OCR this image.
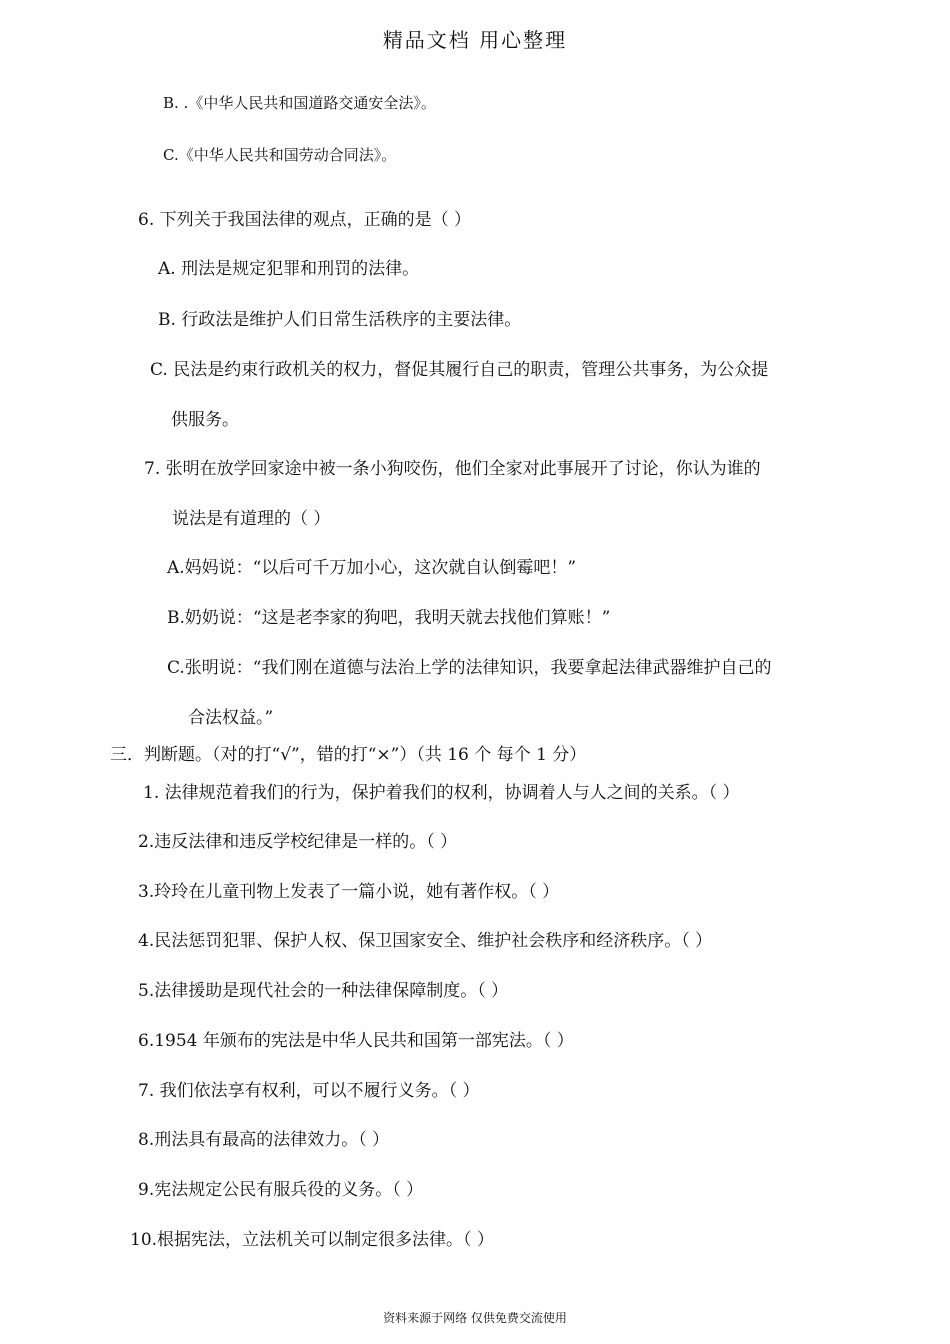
精品文档 用心整理
B. .《中华人民共和国道路交通安全法》。
C.《中华人民共和国劳动合同法》。
6. 下列关于我国法律的观点，正确的是（ ）
A. 刑法是规定犯罪和刑罚的法律。
B. 行政法是维护人们日常生活秩序的主要法律。
C. 民法是约束行政机关的权力，督促其履行自己的职责，管理公共事务，为公众提
供服务。
7. 张明在放学回家途中被一条小狗咬伤，他们全家对此事展开了讨论，你认为谁的
说法是有道理的（ ）
A.妈妈说：“以后可千万加小心，这次就自认倒霉吧！”
B.奶奶说：“这是老李家的狗吧，我明天就去找他们算账！”
C.张明说：“我们刚在道德与法治上学的法律知识，我要拿起法律武器维护自己的
合法权益。”
三．判断题。（对的打“√”，错的打“×”）（共 16 个 每个 1 分）
1. 法律规范着我们的行为，保护着我们的权利，协调着人与人之间的关系。（ ）
2.违反法律和违反学校纪律是一样的。（ ）
3.玲玲在儿童刊物上发表了一篇小说，她有著作权。（ ）
4.民法惩罚犯罪、保护人权、保卫国家安全、维护社会秩序和经济秩序。（ ）
5.法律援助是现代社会的一种法律保障制度。（ ）
6.1954 年颁布的宪法是中华人民共和国第一部宪法。（ ）
7. 我们依法享有权利，可以不履行义务。（ ）
8.刑法具有最高的法律效力。（ ）
9.宪法规定公民有服兵役的义务。（ ）
10.根据宪法，立法机关可以制定很多法律。（ ）
资料来源于网络 仅供免费交流使用
